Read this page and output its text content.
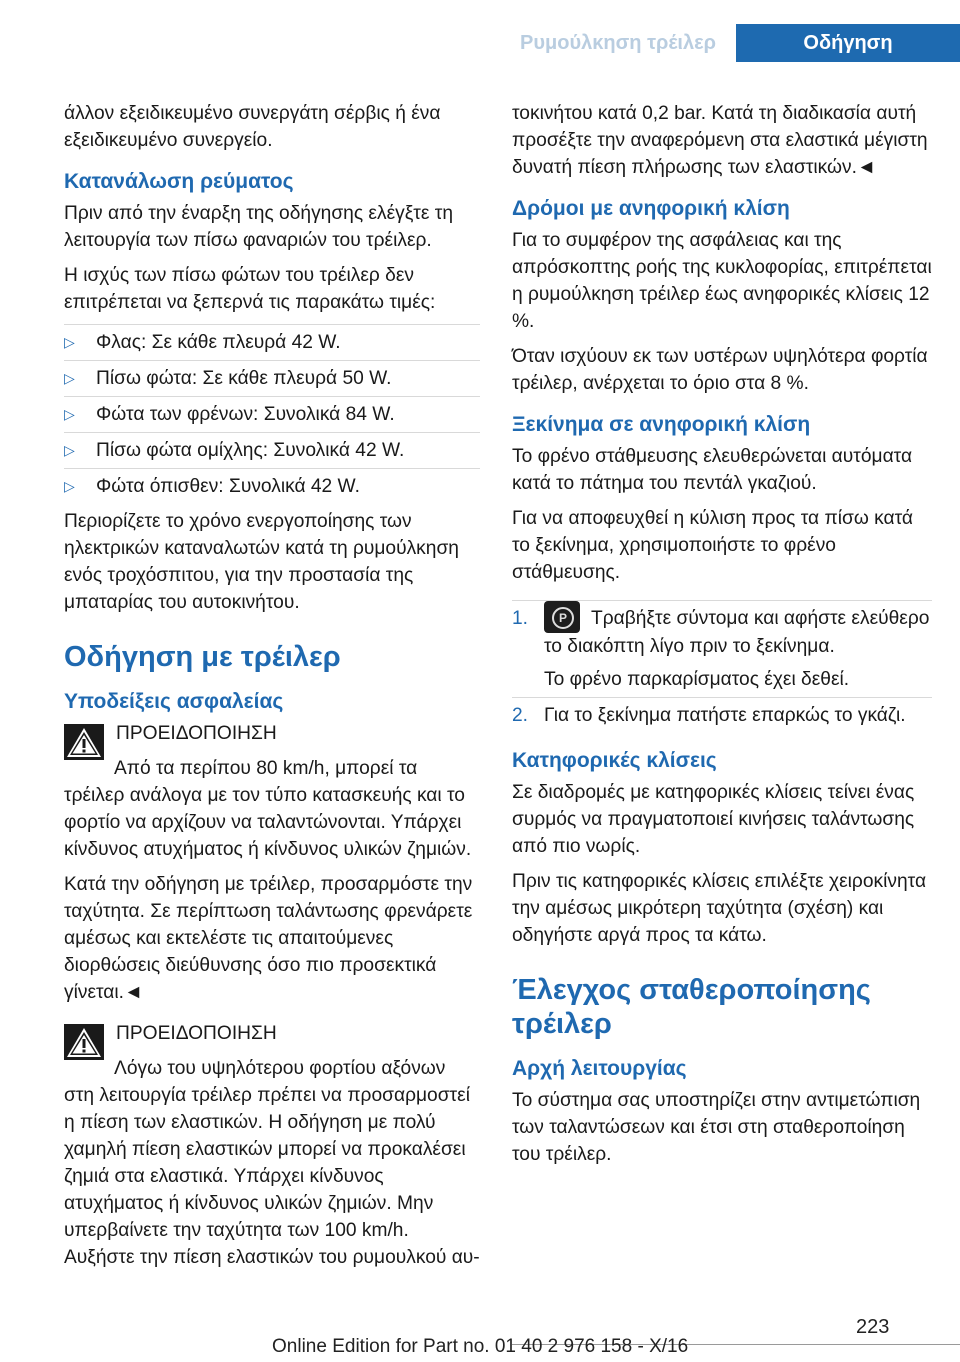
Ρυμούλκηση τρέιλερ	Οδήγηση

άλλον εξειδικευμένο συνεργάτη σέρβις ή ένα εξειδικευμένο συνεργείο.

Κατανάλωση ρεύματος

Πριν από την έναρξη της οδήγησης ελέγξτε τη λειτουργία των πίσω φαναριών του τρέιλερ.

Η ισχύς των πίσω φώτων του τρέιλερ δεν επιτρέπεται να ξεπερνά τις παρακάτω τιμές:

▷ Φλας: Σε κάθε πλευρά 42 W.
▷ Πίσω φώτα: Σε κάθε πλευρά 50 W.
▷ Φώτα των φρένων: Συνολικά 84 W.
▷ Πίσω φώτα ομίχλης: Συνολικά 42 W.
▷ Φώτα όπισθεν: Συνολικά 42 W.

Περιορίζετε το χρόνο ενεργοποίησης των ηλεκτρικών καταναλωτών κατά τη ρυμούλκηση ενός τροχόσπιτου, για την προστασία της μπαταρίας του αυτοκινήτου.

Οδήγηση με τρέιλερ
Υποδείξεις ασφαλείας

ΠΡΟΕΙΔΟΠΟΙΗΣΗ

Από τα περίπου 80 km/h, μπορεί τα τρέιλερ ανάλογα με τον τύπο κατασκευής και το φορτίο να αρχίζουν να ταλαντώνονται. Υπάρχει κίνδυνος ατυχήματος ή κίνδυνος υλικών ζημιών.

Κατά την οδήγηση με τρέιλερ, προσαρμόστε την ταχύτητα. Σε περίπτωση ταλάντωσης φρενάρετε αμέσως και εκτελέστε τις απαιτούμενες διορθώσεις διεύθυνσης όσο πιο προσεκτικά γίνεται.◄

ΠΡΟΕΙΔΟΠΟΙΗΣΗ

Λόγω του υψηλότερου φορτίου αξόνων στη λειτουργία τρέιλερ πρέπει να προσαρμοστεί η πίεση των ελαστικών. Η οδήγηση με πολύ χαμηλή πίεση ελαστικών μπορεί να προκαλέσει ζημιά στα ελαστικά. Υπάρχει κίνδυνος ατυχήματος ή κίνδυνος υλικών ζημιών. Μην υπερβαίνετε την ταχύτητα των 100 km/h. Αυξήστε την πίεση ελαστικών του ρυμουλκού αυ-

τοκινήτου κατά 0,2 bar. Κατά τη διαδικασία αυτή προσέξτε την αναφερόμενη στα ελαστικά μέγιστη δυνατή πίεση πλήρωσης των ελαστικών.◄

Δρόμοι με ανηφορική κλίση

Για το συμφέρον της ασφάλειας και της απρόσκοπτης ροής της κυκλοφορίας, επιτρέπεται η ρυμούλκηση τρέιλερ έως ανηφορικές κλίσεις 12 %.

Όταν ισχύουν εκ των υστέρων υψηλότερα φορτία τρέιλερ, ανέρχεται το όριο στα 8 %.

Ξεκίνημα σε ανηφορική κλίση

Το φρένο στάθμευσης ελευθερώνεται αυτόματα κατά το πάτημα του πεντάλ γκαζιού.

Για να αποφευχθεί η κύλιση προς τα πίσω κατά το ξεκίνημα, χρησιμοποιήστε το φρένο στάθμευσης.

1.	P	Τραβήξτε σύντομα και αφήστε ελεύθερο το διακόπτη λίγο πριν το ξεκίνημα.
Το φρένο παρκαρίσματος έχει δεθεί.
2. Για το ξεκίνημα πατήστε επαρκώς το γκάζι.
Κατηφορικές κλίσεις

Σε διαδρομές με κατηφορικές κλίσεις τείνει ένας συρμός να πραγματοποιεί κινήσεις ταλάντωσης από πιο νωρίς.

Πριν τις κατηφορικές κλίσεις επιλέξτε χειροκίνητα την αμέσως μικρότερη ταχύτητα (σχέση) και οδηγήστε αργά προς τα κάτω.

Έλεγχος σταθεροποίησης τρέιλερ
Αρχή λειτουργίας

Το σύστημα σας υποστηρίζει στην αντιμετώπιση των ταλαντώσεων και έτσι στη σταθεροποίηση του τρέιλερ.

223
Online Edition for Part no. 01 40 2 976 158 - X/16
